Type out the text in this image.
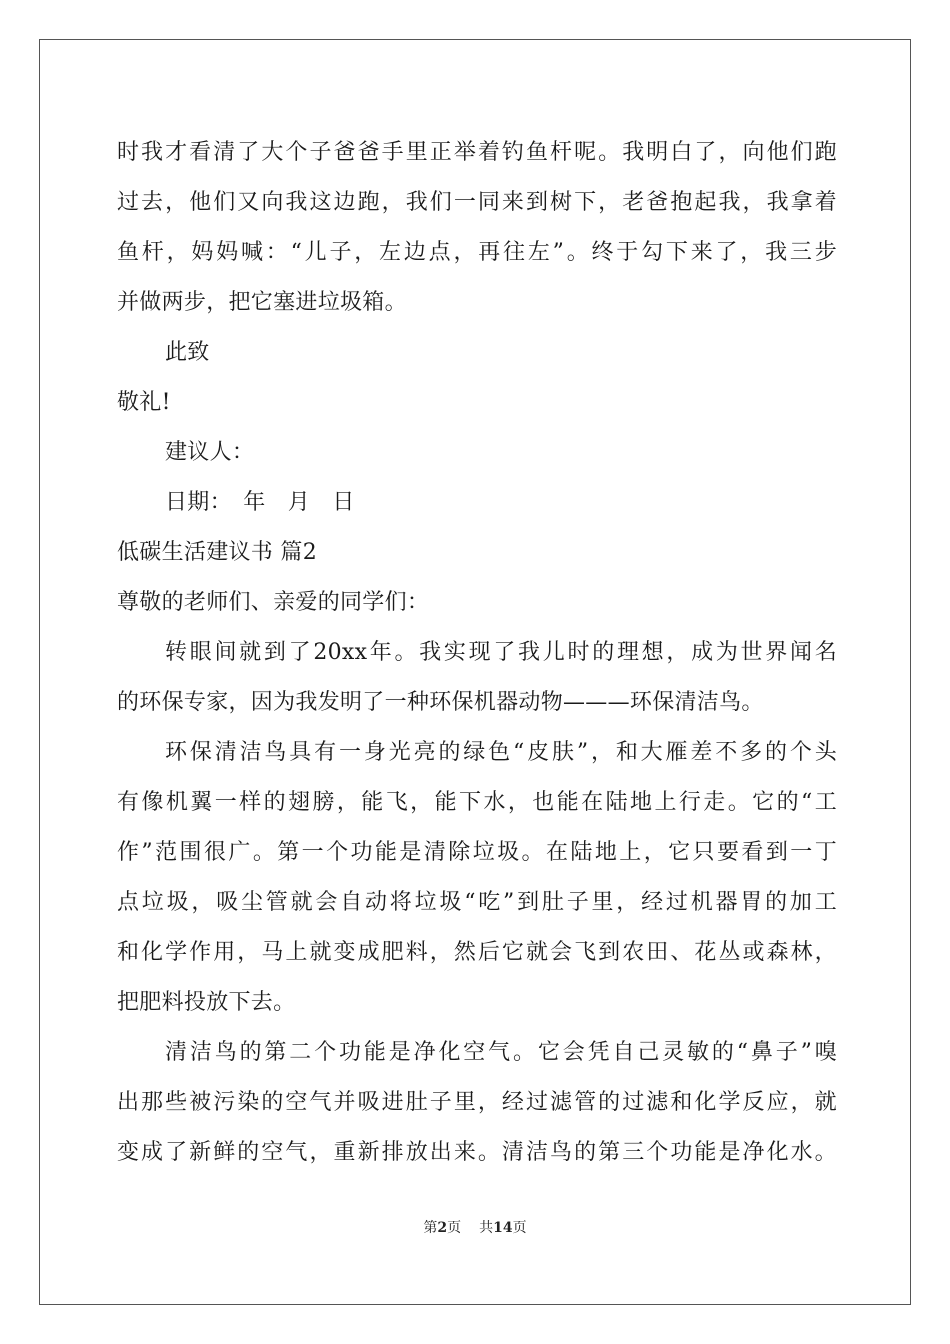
时我才看清了大个子爸爸手里正举着钓鱼杆呢。我明白了，向他们跑
过去，他们又向我这边跑，我们一同来到树下，老爸抱起我，我拿着
鱼杆，妈妈喊：“儿子，左边点，再往左”。终于勾下来了，我三步
并做两步，把它塞进垃圾箱。
此致
敬礼!
建议人：
日期：　年　月　日
低碳生活建议书 篇2
尊敬的老师们、亲爱的同学们：
转眼间就到了20xx年。我实现了我儿时的理想，成为世界闻名
的环保专家，因为我发明了一种环保机器动物———环保清洁鸟。
环保清洁鸟具有一身光亮的绿色“皮肤”，和大雁差不多的个头
有像机翼一样的翅膀，能飞，能下水，也能在陆地上行走。它的“工
作”范围很广。第一个功能是清除垃圾。在陆地上，它只要看到一丁
点垃圾，吸尘管就会自动将垃圾“吃”到肚子里，经过机器胃的加工
和化学作用，马上就变成肥料，然后它就会飞到农田、花丛或森林，
把肥料投放下去。
清洁鸟的第二个功能是净化空气。它会凭自己灵敏的“鼻子”嗅
出那些被污染的空气并吸进肚子里，经过滤管的过滤和化学反应，就
变成了新鲜的空气，重新排放出来。清洁鸟的第三个功能是净化水。
第2页 共14页
